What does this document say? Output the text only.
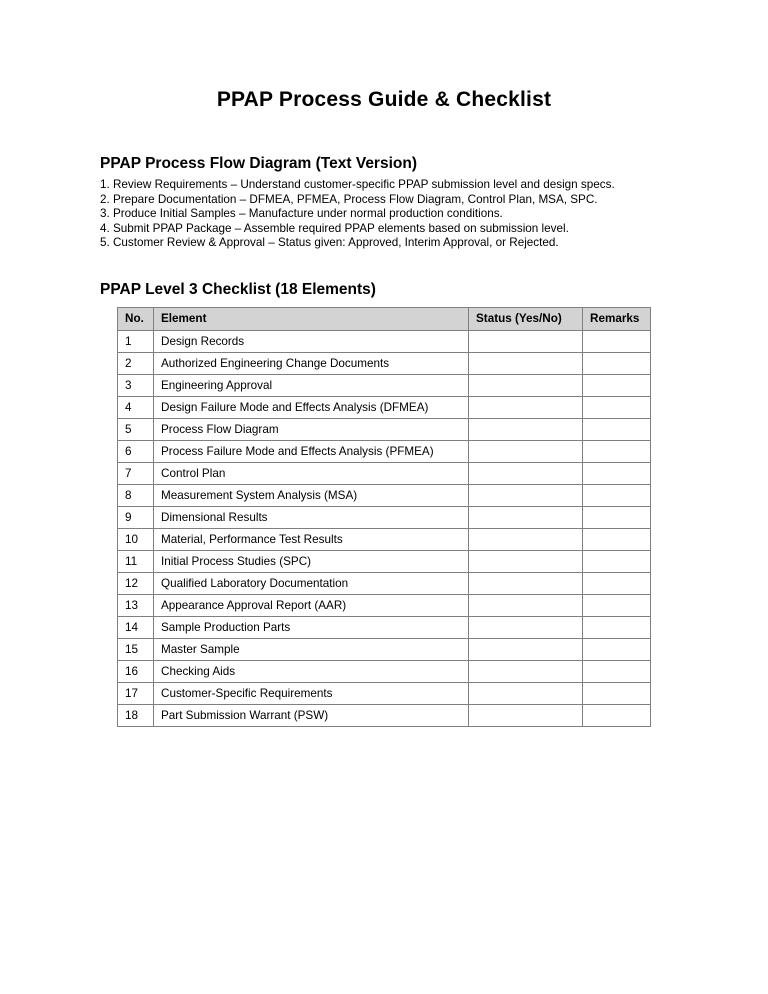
PPAP Process Guide & Checklist
PPAP Process Flow Diagram (Text Version)

1. Review Requirements – Understand customer-specific PPAP submission level and design specs.

2. Prepare Documentation – DFMEA, PFMEA, Process Flow Diagram, Control Plan, MSA, SPC.

3. Produce Initial Samples – Manufacture under normal production conditions.

4. Submit PPAP Package – Assemble required PPAP elements based on submission level.

5. Customer Review & Approval – Status given: Approved, Interim Approval, or Rejected.

PPAP Level 3 Checklist (18 Elements)
No.	Element	Status (Yes/No)	Remarks
1	Design Records		
2	Authorized Engineering Change Documents		
3	Engineering Approval		
4	Design Failure Mode and Effects Analysis (DFMEA)		
5	Process Flow Diagram		
6	Process Failure Mode and Effects Analysis (PFMEA)		
7	Control Plan		
8	Measurement System Analysis (MSA)		
9	Dimensional Results		
10	Material, Performance Test Results		
11	Initial Process Studies (SPC)		
12	Qualified Laboratory Documentation		
13	Appearance Approval Report (AAR)		
14	Sample Production Parts		
15	Master Sample		
16	Checking Aids		
17	Customer-Specific Requirements		
18	Part Submission Warrant (PSW)		
